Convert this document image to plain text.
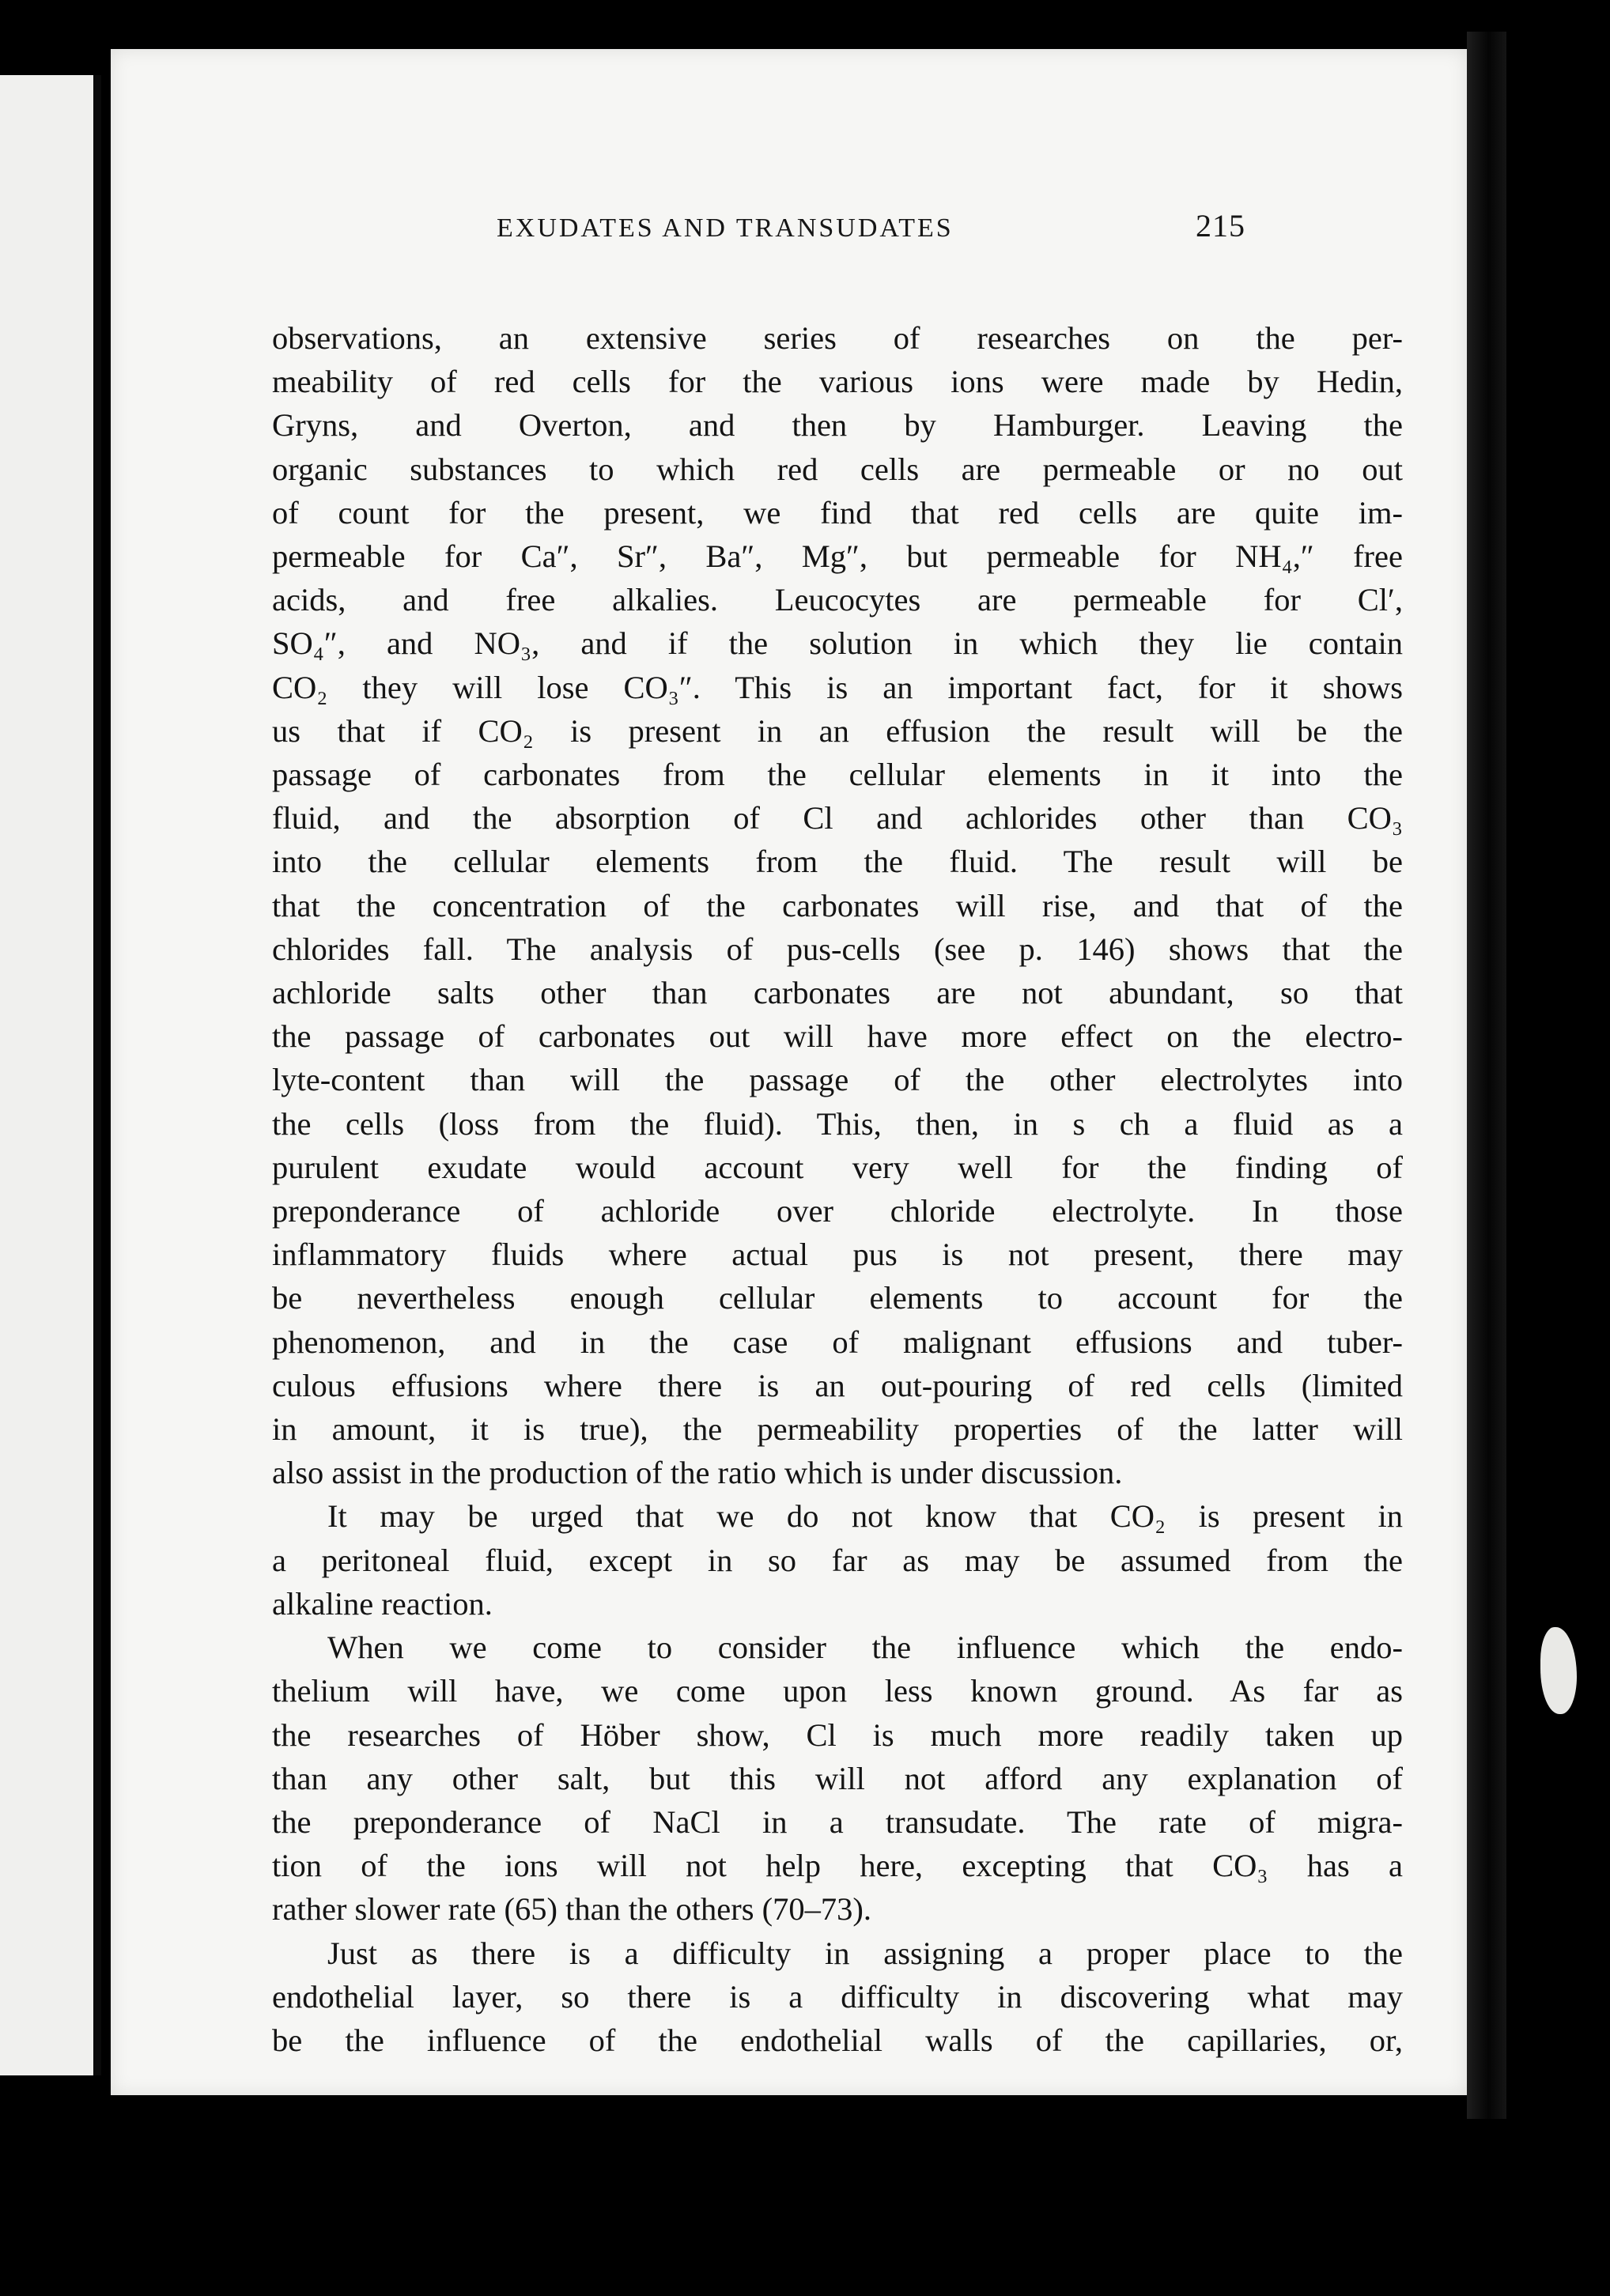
EXUDATES AND TRANSUDATES	215

observations, an extensive series of researches on the per-
meability of red cells for the various ions were made by Hedin,
Gryns, and Overton, and then by Hamburger. Leaving the
organic substances to which red cells are permeable or no out
of count for the present, we find that red cells are quite im-
permeable for Ca″, Sr″, Ba″, Mg″, but permeable for NH₄,″ free
acids, and free alkalies. Leucocytes are permeable for Cl′,
SO₄″, and NO₃, and if the solution in which they lie contain
CO₂ they will lose CO₃″. This is an important fact, for it shows
us that if CO₂ is present in an effusion the result will be the
passage of carbonates from the cellular elements in it into the
fluid, and the absorption of Cl and achlorides other than CO₃
into the cellular elements from the fluid. The result will be
that the concentration of the carbonates will rise, and that of the
chlorides fall. The analysis of pus-cells (see p. 146) shows that the
achloride salts other than carbonates are not abundant, so that
the passage of carbonates out will have more effect on the electro-
lyte-content than will the passage of the other electrolytes into
the cells (loss from the fluid). This, then, in s ch a fluid as a
purulent exudate would account very well for the finding of
preponderance of achloride over chloride electrolyte. In those
inflammatory fluids where actual pus is not present, there may
be nevertheless enough cellular elements to account for the
phenomenon, and in the case of malignant effusions and tuber-
culous effusions where there is an out-pouring of red cells (limited
in amount, it is true), the permeability properties of the latter will
also assist in the production of the ratio which is under discussion.

It may be urged that we do not know that CO₂ is present in
a peritoneal fluid, except in so far as may be assumed from the
alkaline reaction.

When we come to consider the influence which the endo-
thelium will have, we come upon less known ground. As far as
the researches of Höber show, Cl is much more readily taken up
than any other salt, but this will not afford any explanation of
the preponderance of NaCl in a transudate. The rate of migra-
tion of the ions will not help here, excepting that CO₃ has a
rather slower rate (65) than the others (70–73).

Just as there is a difficulty in assigning a proper place to the
endothelial layer, so there is a difficulty in discovering what may
be the influence of the endothelial walls of the capillaries, or,
